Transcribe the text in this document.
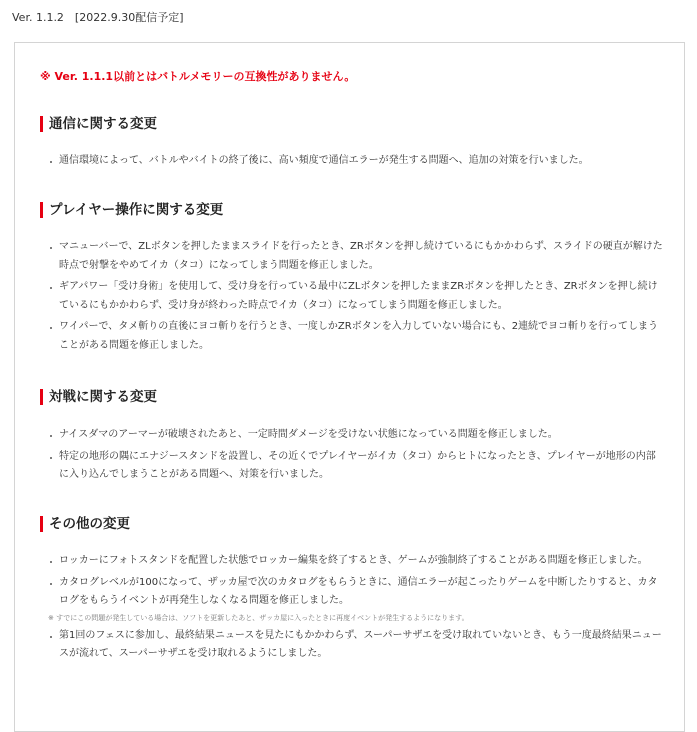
Ver. 1.1.2　[2022.9.30配信予定]
※ Ver. 1.1.1以前とはバトルメモリーの互換性がありません。
通信に関する変更
通信環境によって、バトルやバイトの終了後に、高い頻度で通信エラーが発生する問題へ、追加の対策を行いました。
プレイヤー操作に関する変更
マニューバーで、ZLボタンを押したままスライドを行ったとき、ZRボタンを押し続けているにもかかわらず、スライドの硬直が解けた時点で射撃をやめてイカ（タコ）になってしまう問題を修正しました。
ギアパワー「受け身術」を使用して、受け身を行っている最中にZLボタンを押したままZRボタンを押したとき、ZRボタンを押し続けているにもかかわらず、受け身が終わった時点でイカ（タコ）になってしまう問題を修正しました。
ワイパーで、タメ斬りの直後にヨコ斬りを行うとき、一度しかZRボタンを入力していない場合にも、2連続でヨコ斬りを行ってしまうことがある問題を修正しました。
対戦に関する変更
ナイスダマのアーマーが破壊されたあと、一定時間ダメージを受けない状態になっている問題を修正しました。
特定の地形の隅にエナジースタンドを設置し、その近くでプレイヤーがイカ（タコ）からヒトになったとき、プレイヤーが地形の内部に入り込んでしまうことがある問題へ、対策を行いました。
その他の変更
ロッカーにフォトスタンドを配置した状態でロッカー編集を終了するとき、ゲームが強制終了することがある問題を修正しました。
カタログレベルが100になって、ザッカ屋で次のカタログをもらうときに、通信エラーが起こったりゲームを中断したりすると、カタログをもらうイベントが再発生しなくなる問題を修正しました。
※ すでにこの問題が発生している場合は、ソフトを更新したあと、ザッカ屋に入ったときに再度イベントが発生するようになります。
第1回のフェスに参加し、最終結果ニュースを見たにもかかわらず、スーパーサザエを受け取れていないとき、もう一度最終結果ニュースが流れて、スーパーサザエを受け取れるようにしました。
